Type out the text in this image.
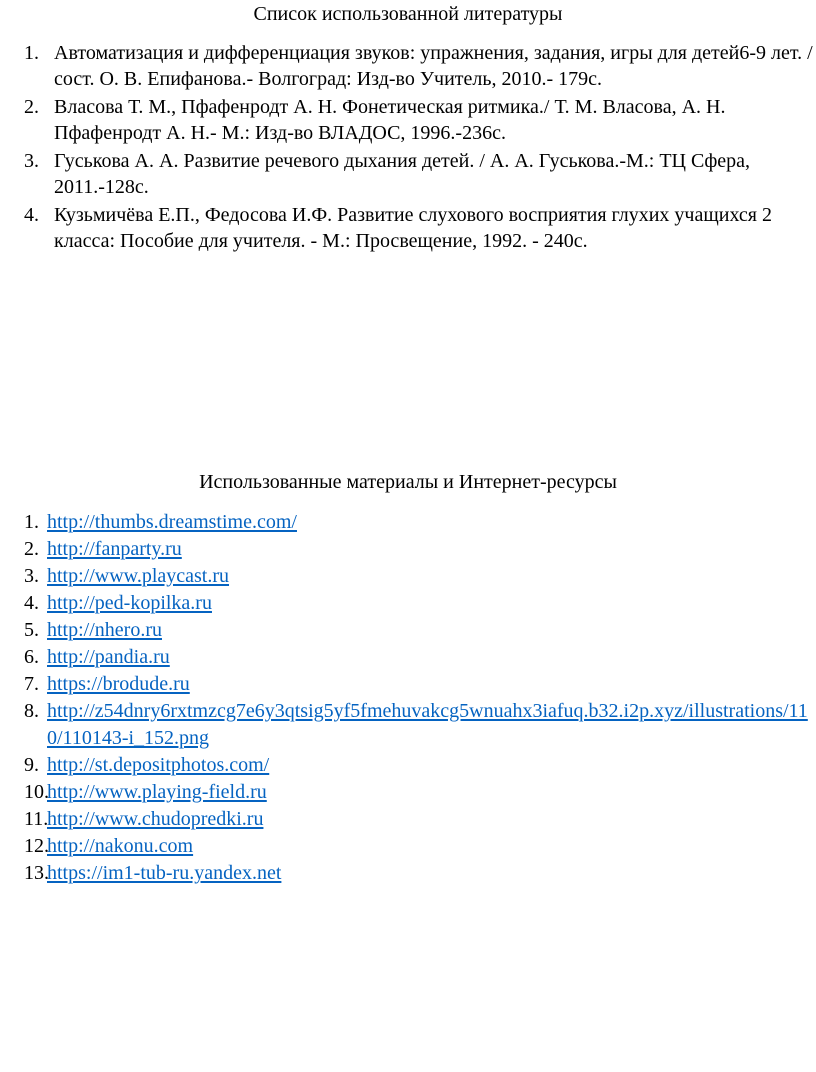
Список использованной литературы
1. Автоматизация и дифференциация звуков: упражнения, задания, игры для детей6-9 лет. /сост. О. В. Епифанова.- Волгоград: Изд-во Учитель, 2010.- 179с.
2. Власова Т. М., Пфафенродт А. Н. Фонетическая ритмика./ Т. М. Власова, А. Н. Пфафенродт А. Н.- М.: Изд-во ВЛАДОС, 1996.-236с.
3. Гуськова А. А. Развитие речевого дыхания детей. / А. А. Гуськова.-М.: ТЦ Сфера, 2011.-128с.
4. Кузьмичёва Е.П., Федосова И.Ф. Развитие слухового восприятия глухих учащихся 2 класса: Пособие для учителя. - М.: Просвещение, 1992. - 240с.
Использованные материалы и Интернет-ресурсы
1. http://thumbs.dreamstime.com/
2. http://fanparty.ru
3. http://www.playcast.ru
4. http://ped-kopilka.ru
5. http://nhero.ru
6. http://pandia.ru
7. https://brodude.ru
8. http://z54dnry6rxtmzcg7e6y3qtsig5yf5fmehuvakcg5wnuahx3iafuq.b32.i2p.xyz/illustrations/110/110143-i_152.png
9. http://st.depositphotos.com/
10.
http://www.playing-field.ru
11.
http://www.chudopredki.ru
12.
http://nakonu.com
13.
https://im1-tub-ru.yandex.net
